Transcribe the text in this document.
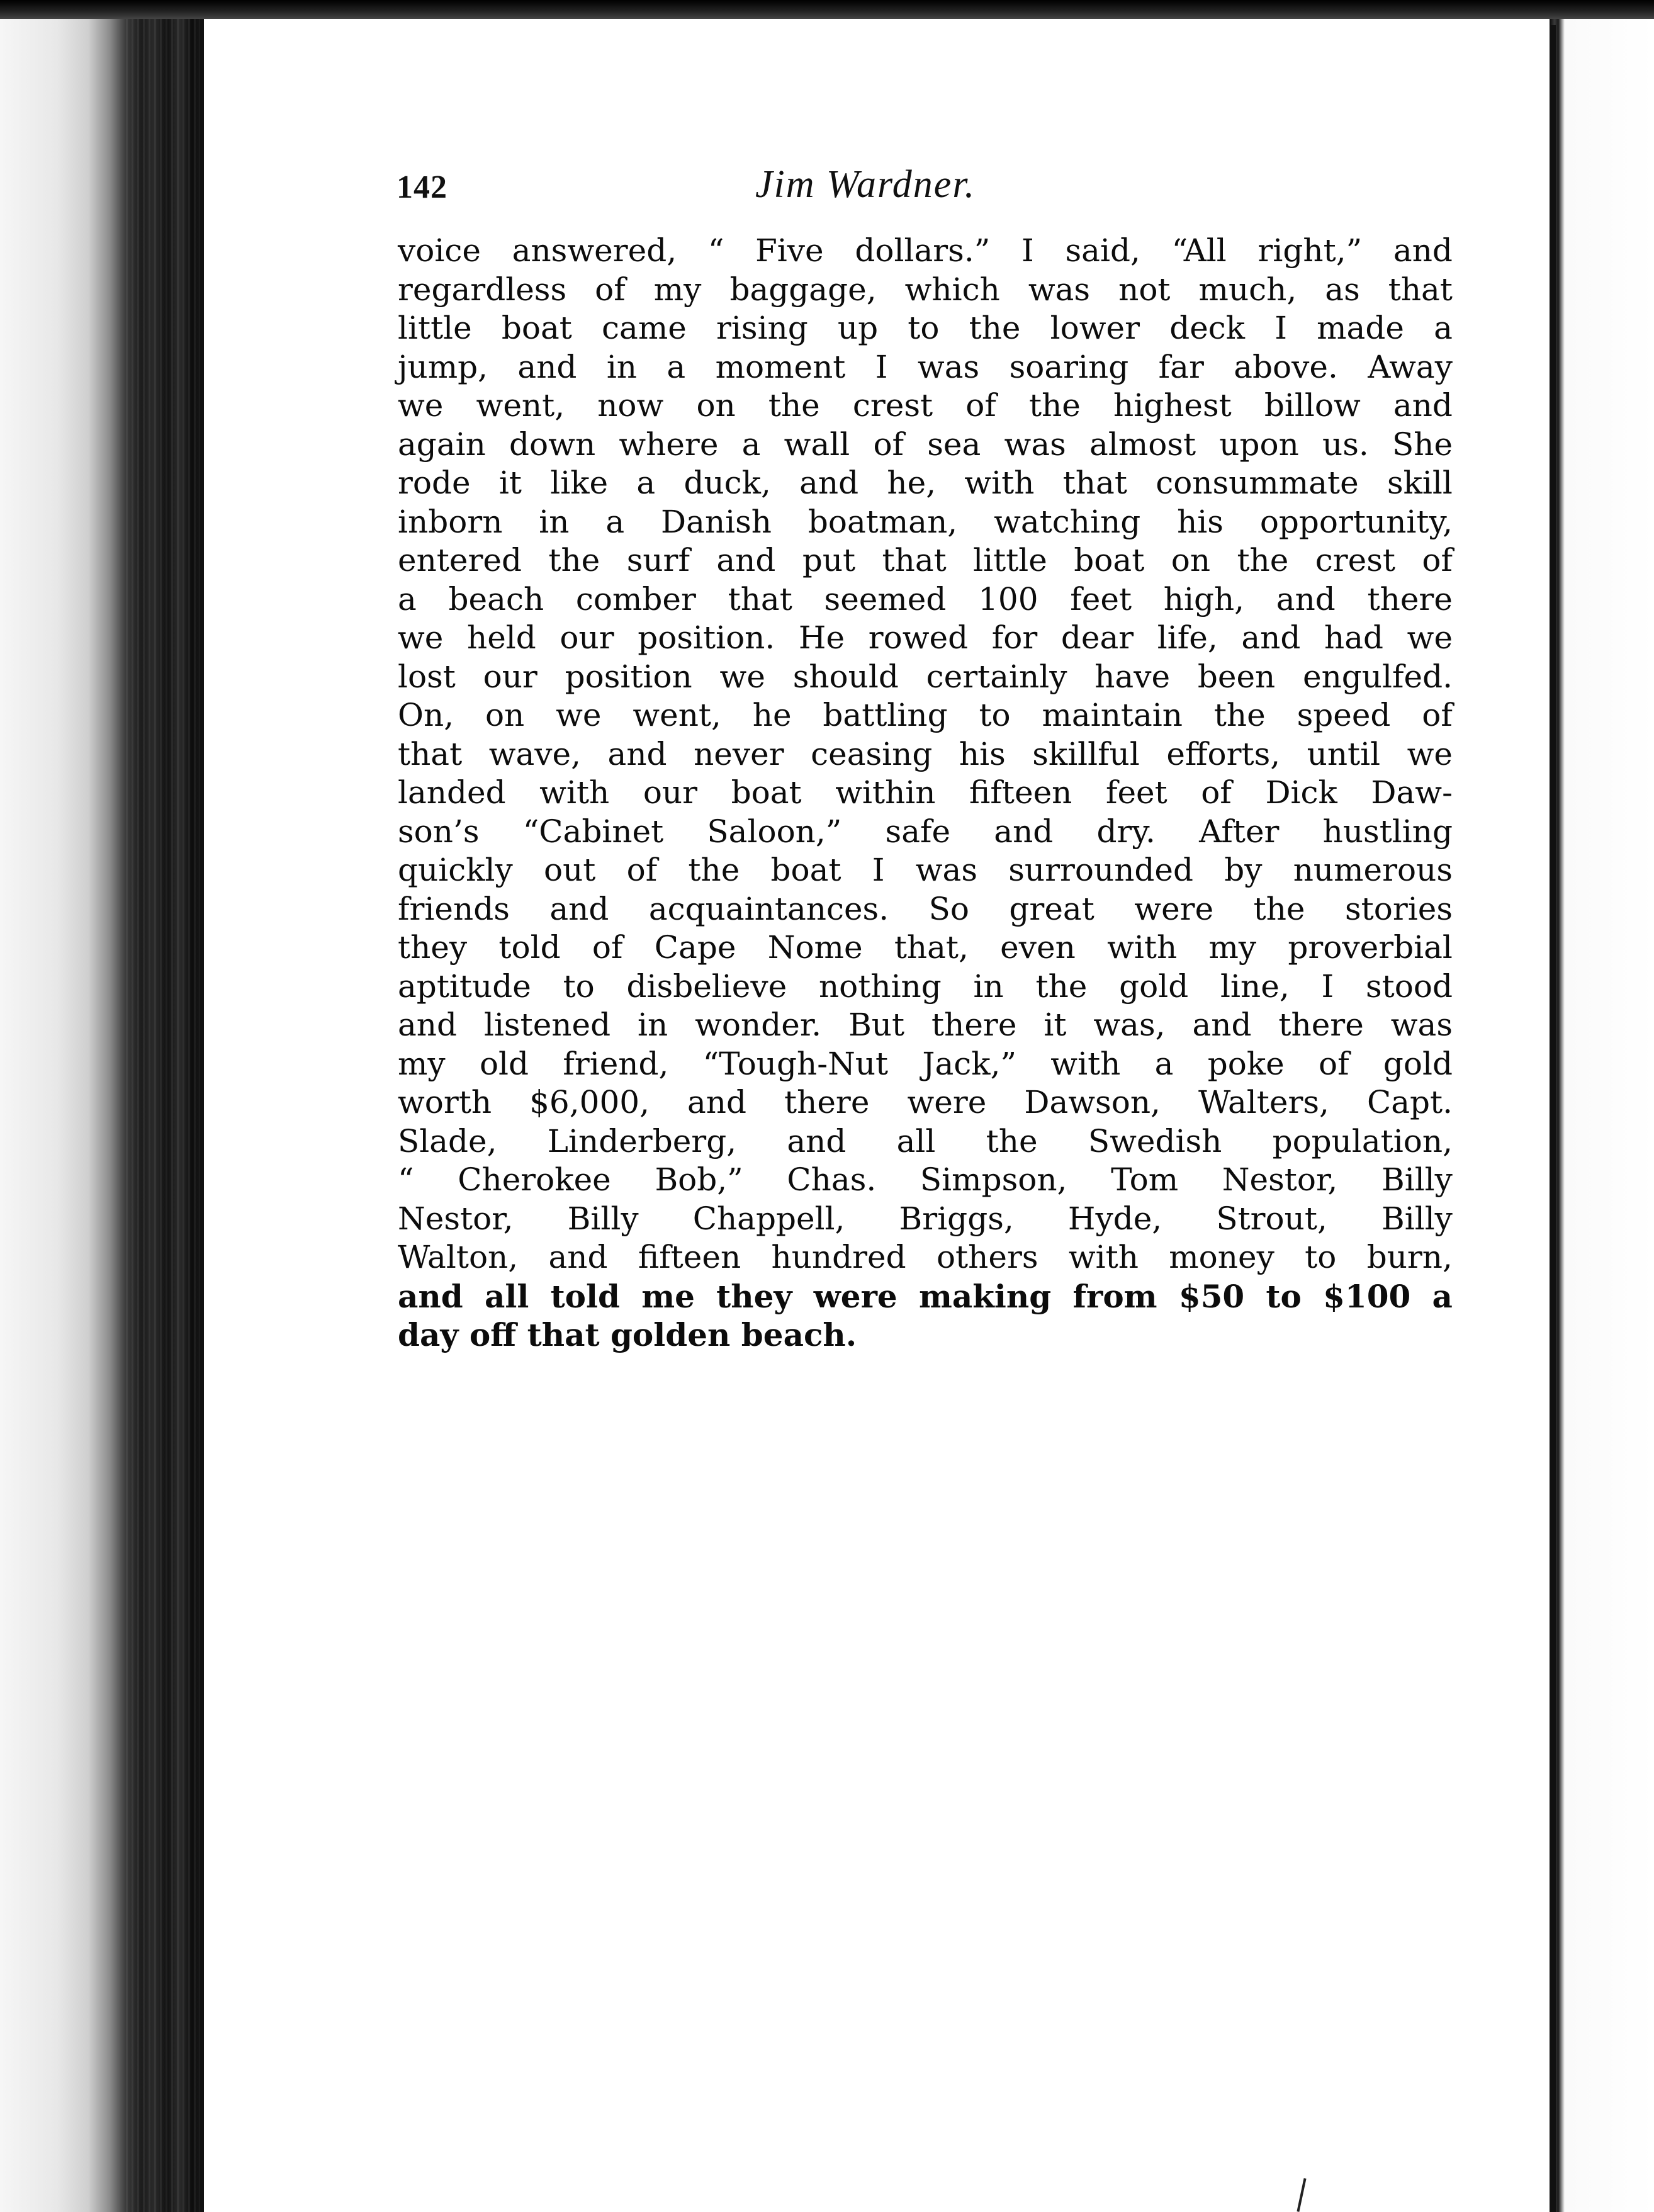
142	Jim Wardner.
voice answered, “ Five dollars.” I said, “All right,” and
regardless of my baggage, which was not much, as that
little boat came rising up to the lower deck I made a
jump, and in a moment I was soaring far above. Away
we went, now on the crest of the highest billow and
again down where a wall of sea was almost upon us. She
rode it like a duck, and he, with that consummate skill
inborn in a Danish boatman, watching his opportunity,
entered the surf and put that little boat on the crest of
a beach comber that seemed 100 feet high, and there
we held our position. He rowed for dear life, and had we
lost our position we should certainly have been engulfed.
On, on we went, he battling to maintain the speed of
that wave, and never ceasing his skillful efforts, until we
landed with our boat within fifteen feet of Dick Daw-
son’s “Cabinet Saloon,” safe and dry. After hustling
quickly out of the boat I was surrounded by numerous
friends and acquaintances. So great were the stories
they told of Cape Nome that, even with my proverbial
aptitude to disbelieve nothing in the gold line, I stood
and listened in wonder. But there it was, and there was
my old friend, “Tough-Nut Jack,” with a poke of gold
worth $6,000, and there were Dawson, Walters, Capt.
Slade, Linderberg, and all the Swedish population,
“ Cherokee Bob,” Chas. Simpson, Tom Nestor, Billy
Nestor, Billy Chappell, Briggs, Hyde, Strout, Billy
Walton, and fifteen hundred others with money to burn,
and all told me they were making from $50 to $100 a
day off that golden beach.
